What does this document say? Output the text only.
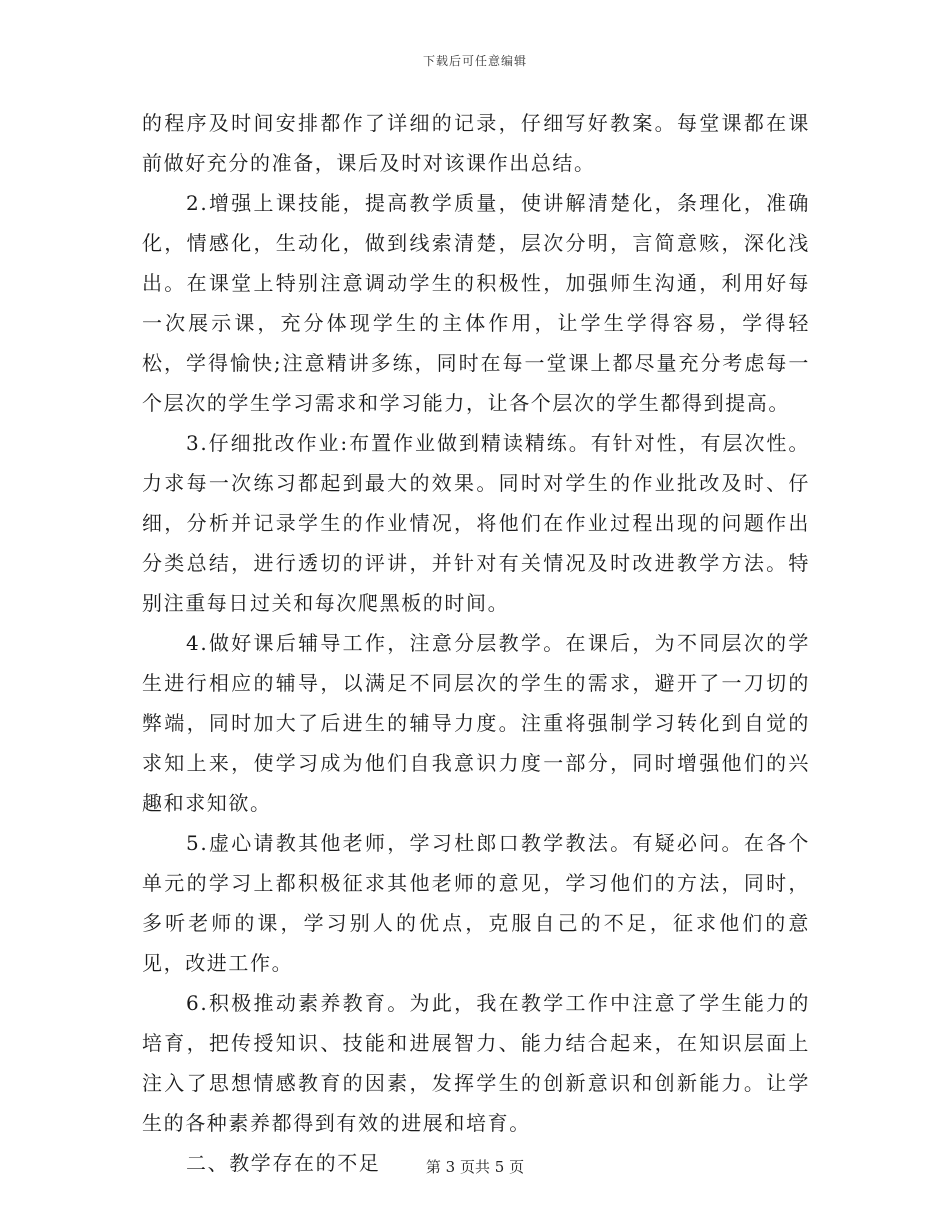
下载后可任意编辑

的程序及时间安排都作了详细的记录，仔细写好教案。每堂课都在课前做好充分的准备，课后及时对该课作出总结。

2.增强上课技能，提高教学质量，使讲解清楚化，条理化，准确化，情感化，生动化，做到线索清楚，层次分明，言简意赅，深化浅出。在课堂上特别注意调动学生的积极性，加强师生沟通，利用好每一次展示课，充分体现学生的主体作用，让学生学得容易，学得轻松，学得愉快;注意精讲多练，同时在每一堂课上都尽量充分考虑每一个层次的学生学习需求和学习能力，让各个层次的学生都得到提高。

3.仔细批改作业:布置作业做到精读精练。有针对性，有层次性。力求每一次练习都起到最大的效果。同时对学生的作业批改及时、仔细，分析并记录学生的作业情况，将他们在作业过程出现的问题作出分类总结，进行透切的评讲，并针对有关情况及时改进教学方法。特别注重每日过关和每次爬黑板的时间。

4.做好课后辅导工作，注意分层教学。在课后，为不同层次的学生进行相应的辅导，以满足不同层次的学生的需求，避开了一刀切的弊端，同时加大了后进生的辅导力度。注重将强制学习转化到自觉的求知上来，使学习成为他们自我意识力度一部分，同时增强他们的兴趣和求知欲。

5.虚心请教其他老师，学习杜郎口教学教法。有疑必问。在各个单元的学习上都积极征求其他老师的意见，学习他们的方法，同时，多听老师的课，学习别人的优点，克服自己的不足，征求他们的意见，改进工作。

6.积极推动素养教育。为此，我在教学工作中注意了学生能力的培育，把传授知识、技能和进展智力、能力结合起来，在知识层面上注入了思想情感教育的因素，发挥学生的创新意识和创新能力。让学生的各种素养都得到有效的进展和培育。

二、教学存在的不足	第 3 页共 5 页
